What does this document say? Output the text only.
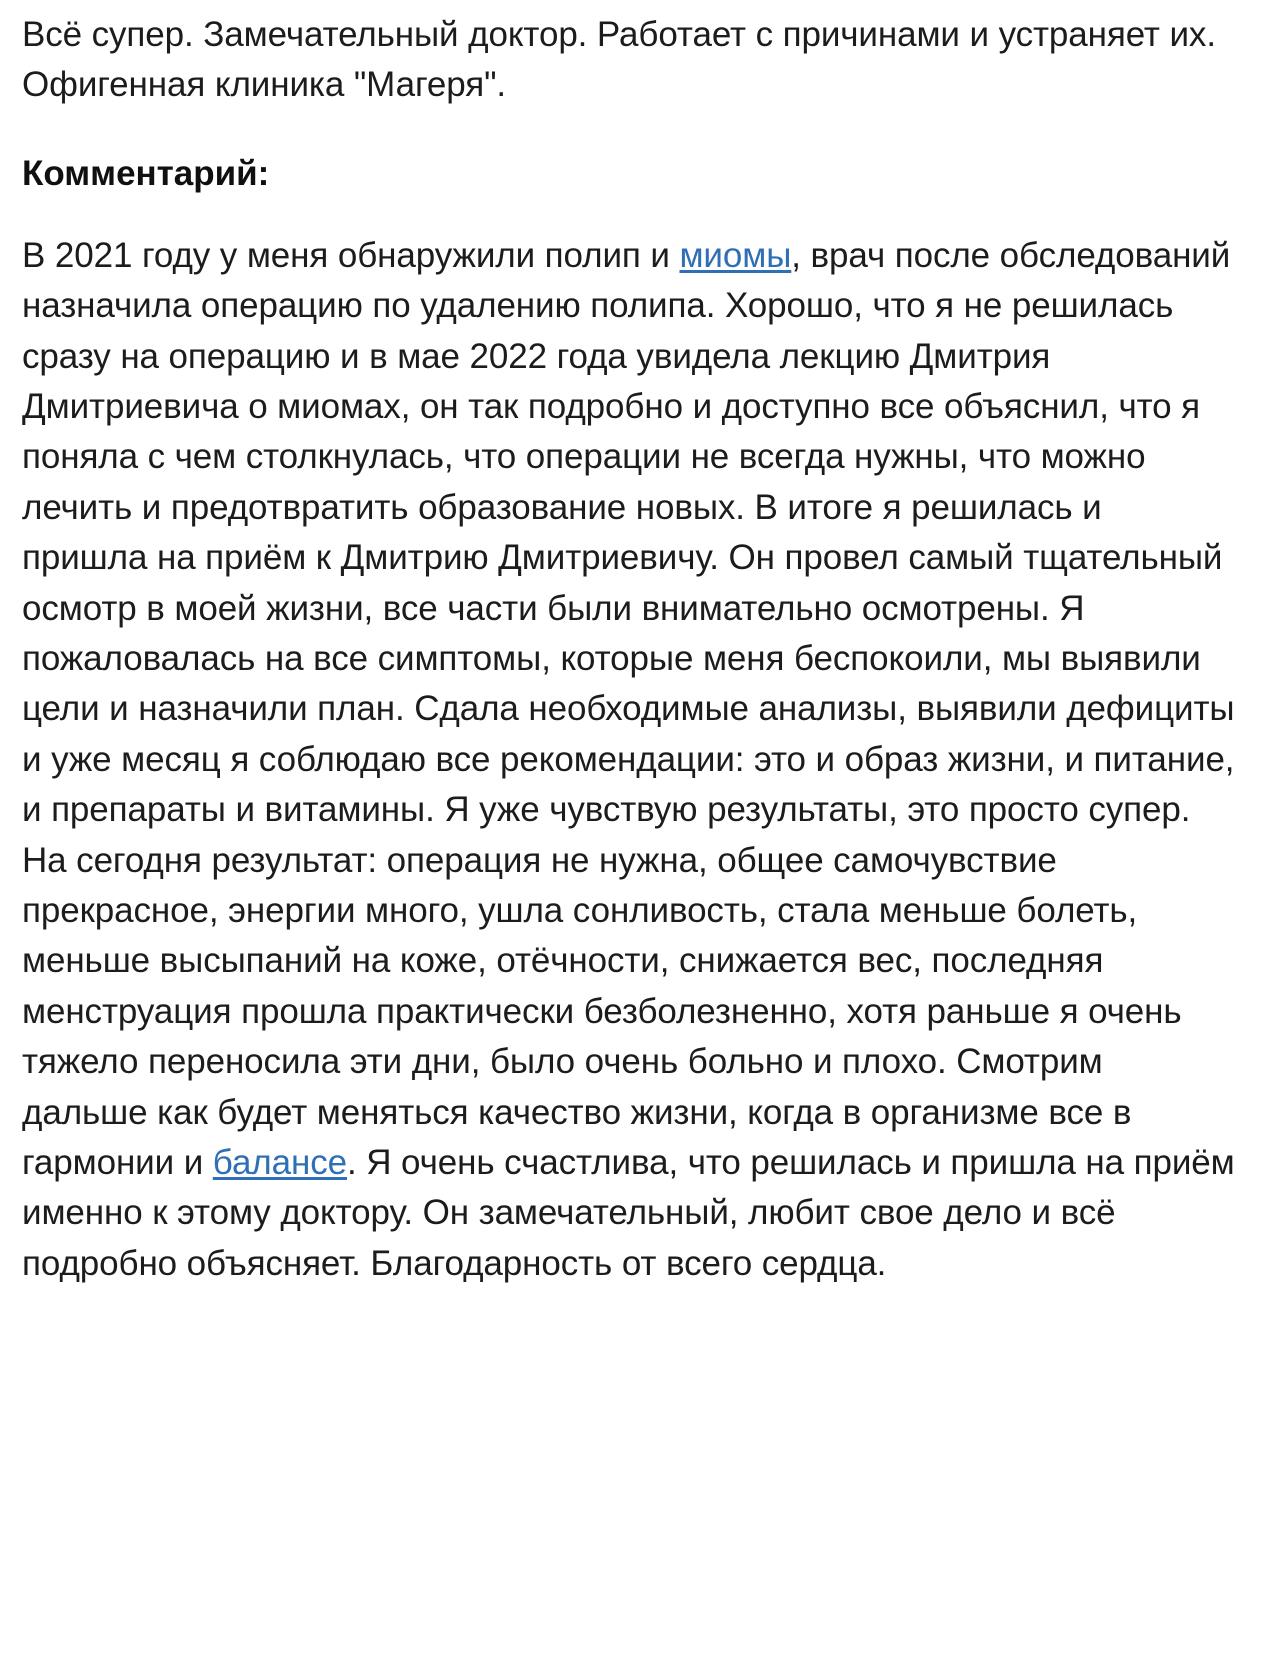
Всё супер. Замечательный доктор. Работает с причинами и устраняет их. Офигенная клиника "Магеря".

Комментарий:

В 2021 году у меня обнаружили полип и миомы, врач после обследований назначила операцию по удалению полипа. Хорошо, что я не решилась сразу на операцию и в мае 2022 года увидела лекцию Дмитрия Дмитриевича о миомах, он так подробно и доступно все объяснил, что я поняла с чем столкнулась, что операции не всегда нужны, что можно лечить и предотвратить образование новых. В итоге я решилась и пришла на приём к Дмитрию Дмитриевичу. Он провел самый тщательный осмотр в моей жизни, все части были внимательно осмотрены. Я пожаловалась на все симптомы, которые меня беспокоили, мы выявили цели и назначили план. Сдала необходимые анализы, выявили дефициты и уже месяц я соблюдаю все рекомендации: это и образ жизни, и питание, и препараты и витамины. Я уже чувствую результаты, это просто супер. На сегодня результат: операция не нужна, общее самочувствие прекрасное, энергии много, ушла сонливость, стала меньше болеть, меньше высыпаний на коже, отёчности, снижается вес, последняя менструация прошла практически безболезненно, хотя раньше я очень тяжело переносила эти дни, было очень больно и плохо. Смотрим дальше как будет меняться качество жизни, когда в организме все в гармонии и балансе. Я очень счастлива, что решилась и пришла на приём именно к этому доктору. Он замечательный, любит свое дело и всё подробно объясняет. Благодарность от всего сердца.
